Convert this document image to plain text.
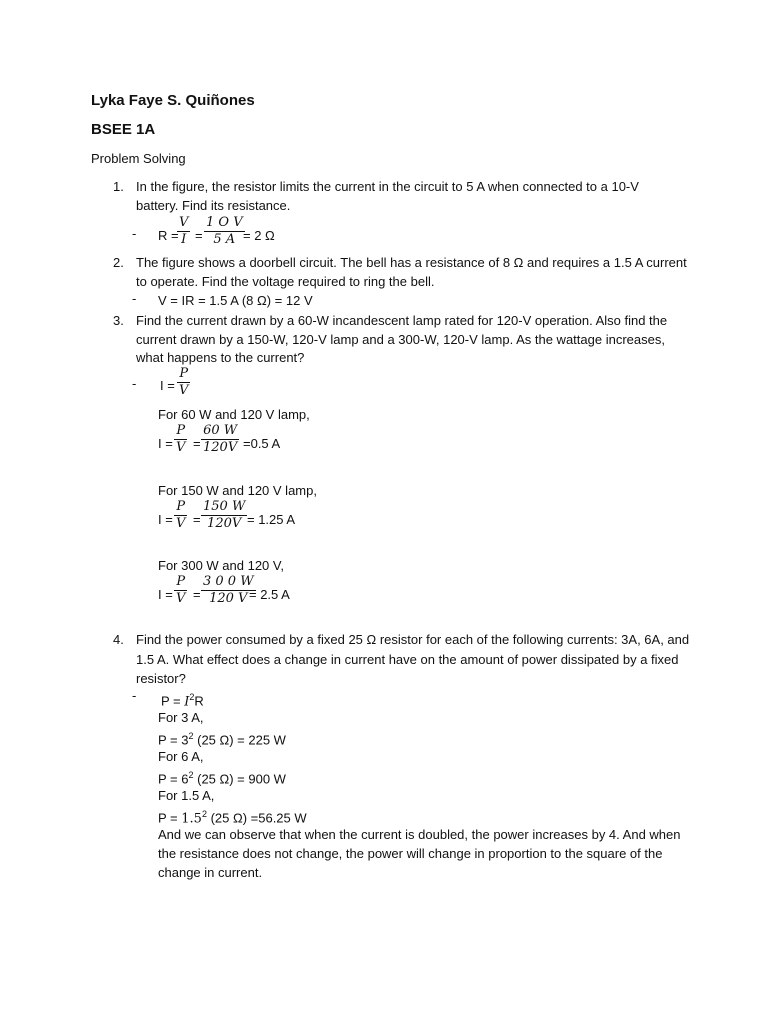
Lyka Faye S. Quiñones
BSEE 1A
Problem Solving
1. In the figure, the resistor limits the current in the circuit to 5 A when connected to a 10-V
battery. Find its resistance.
- R =
$\frac{V}{I} = \frac{\text{1 O V}}{5 A}$
= 2 Ω
2. The figure shows a doorbell circuit. The bell has a resistance of 8 Ω and requires a 1.5 A current
to operate. Find the voltage required to ring the bell.
- V = IR = 1.5 A (8 Ω) = 12 V
3. Find the current drawn by a 60-W incandescent lamp rated for 120-V operation. Also find the
current drawn by a 150-W, 120-V lamp and a 300-W, 120-V lamp. As the wattage increases,
what happens to the current?
- $I = \frac{P}{V}$
For 60 W and 120 V lamp,
$I = \frac{P}{V} = \frac{60 W}{120V} =0.5$ A
For 150 W and 120 V lamp,
$I = \frac{P}{V} = \frac{150 W}{120V} = 1.25$ A
For 300 W and 120 V,
$I = \frac{P}{V} = \frac{3 0 0 W}{120 V}$
= 2.5 A
4. Find the power consumed by a fixed 25 Ω resistor for each of the following currents: 3A, 6A, and
1.5 A. What effect does a change in current have on the amount of power dissipated by a fixed
resistor?
- $P = I^2R$
For 3 A,
$P = 3^2$ (25 Ω) = 225 W
For 6 A,
$P = 6^2$ (25 Ω) = 900 W
For 1.5 A,
$P = 1.5^2$ (25 Ω) =56.25 W
And we can observe that when the current is doubled, the power increases by 4. And when
the resistance does not change, the power will change in proportion to the square of the
change in current.
